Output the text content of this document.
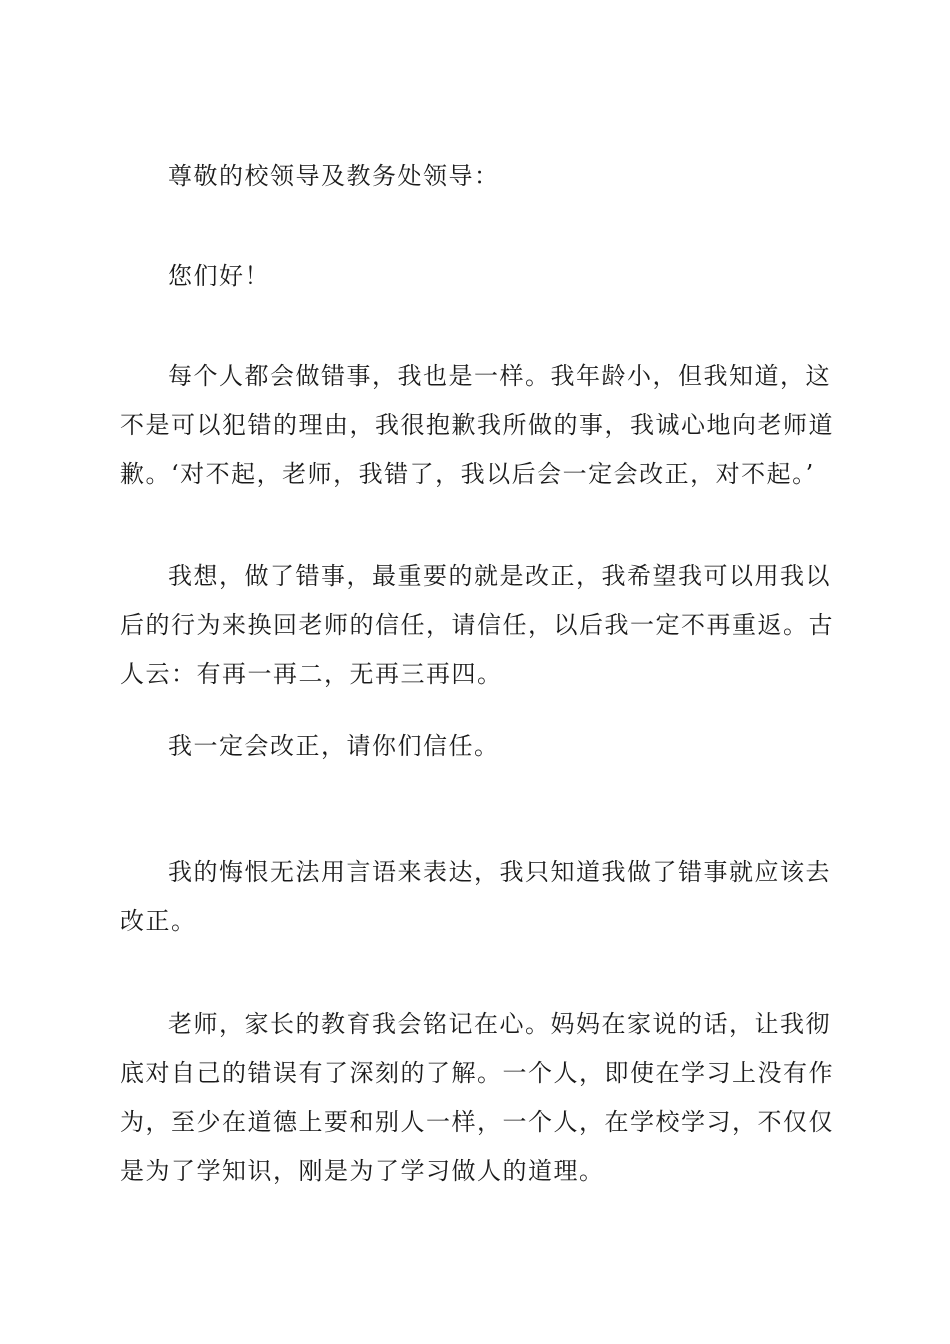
尊敬的校领导及教务处领导：

您们好！

每个人都会做错事，我也是一样。我年龄小，但我知道，这不是可以犯错的理由，我很抱歉我所做的事，我诚心地向老师道歉。‘对不起，老师，我错了，我以后会一定会改正，对不起。’

我想，做了错事，最重要的就是改正，我希望我可以用我以后的行为来换回老师的信任，请信任，以后我一定不再重返。古人云：有再一再二，无再三再四。

我一定会改正，请你们信任。

我的悔恨无法用言语来表达，我只知道我做了错事就应该去改正。

老师，家长的教育我会铭记在心。妈妈在家说的话，让我彻底对自己的错误有了深刻的了解。一个人，即使在学习上没有作为，至少在道德上要和别人一样，一个人，在学校学习，不仅仅是为了学知识，刚是为了学习做人的道理。
